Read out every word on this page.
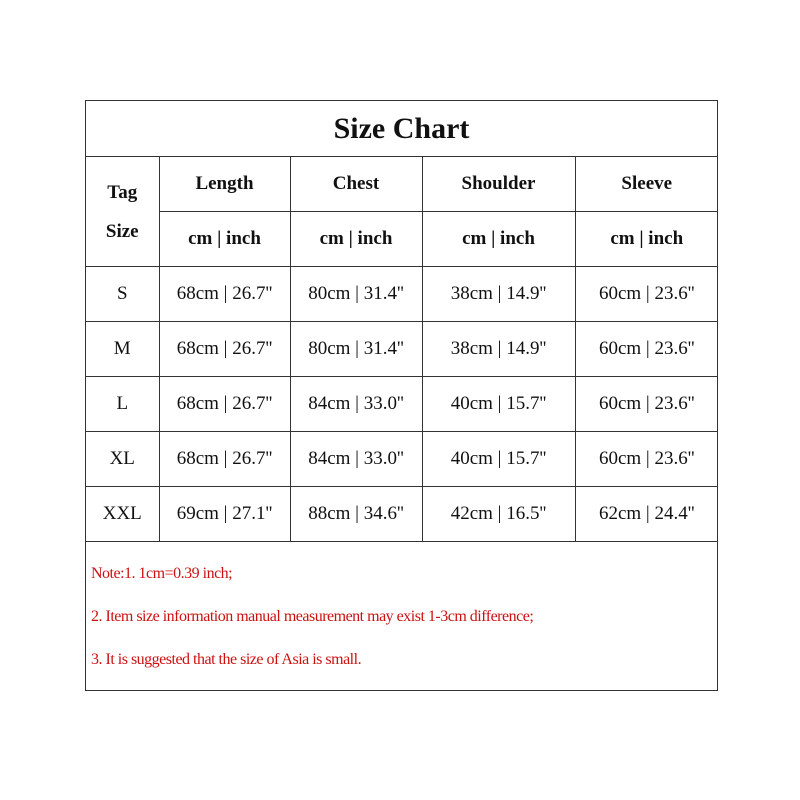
Size Chart
Tag
Size	Length	Chest	Shoulder	Sleeve
	cm | inch	cm | inch	cm | inch	cm | inch
S	68cm | 26.7''	80cm | 31.4''	38cm | 14.9''	60cm | 23.6''
M	68cm | 26.7''	80cm | 31.4''	38cm | 14.9''	60cm | 23.6''
L	68cm | 26.7''	84cm | 33.0''	40cm | 15.7''	60cm | 23.6''
XL	68cm | 26.7''	84cm | 33.0''	40cm | 15.7''	60cm | 23.6''
XXL	69cm | 27.1''	88cm | 34.6''	42cm | 16.5''	62cm | 24.4''
Note:1. 1cm=0.39 inch;
2. Item size information manual measurement may exist 1-3cm difference;
3. It is suggested that the size of Asia is small.
